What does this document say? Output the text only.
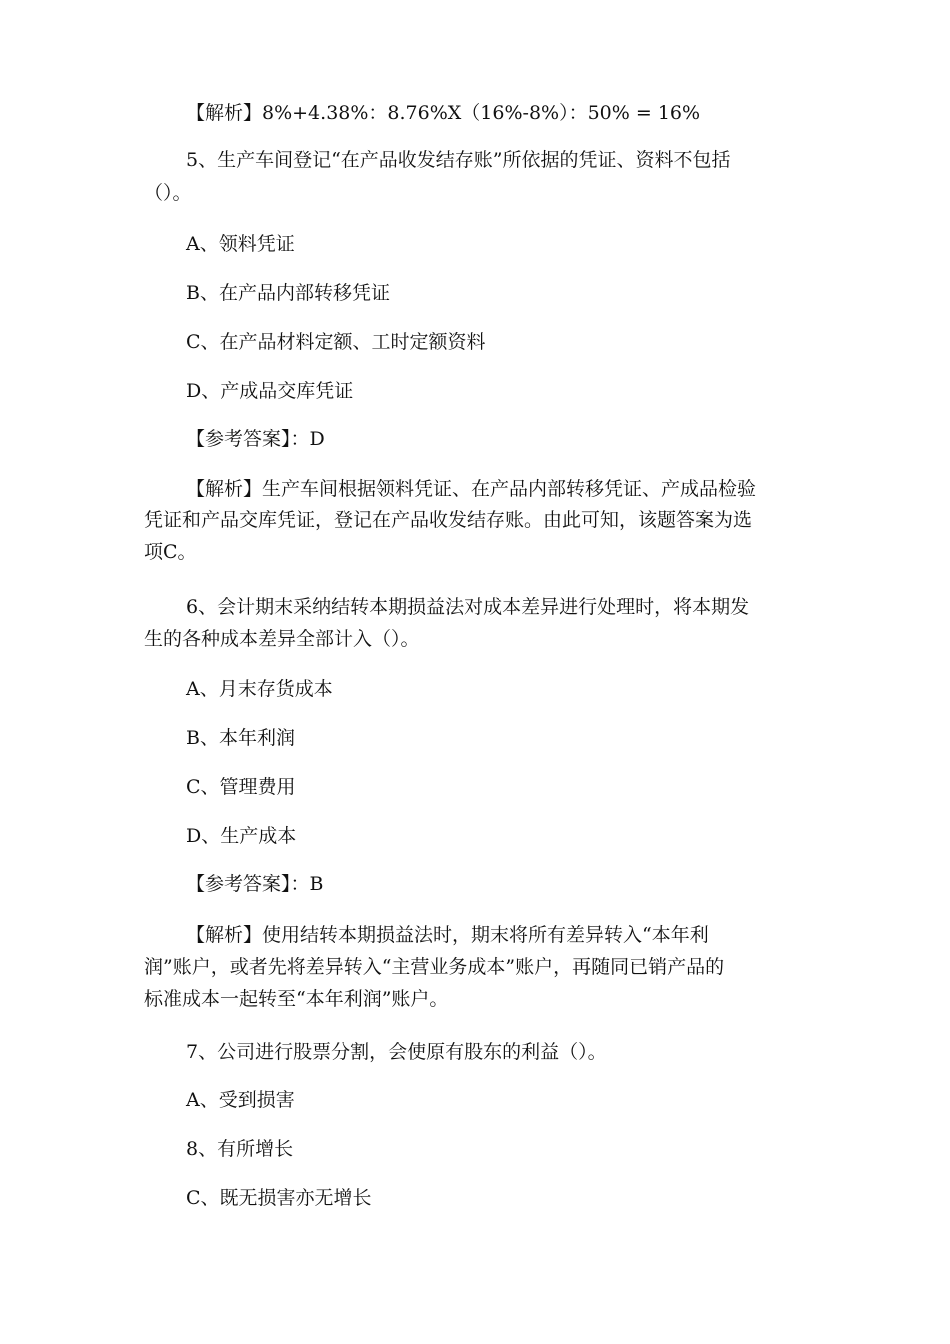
【解析】8%+4.38%：8.76%X（16%-8%）：50% = 16%
5、生产车间登记“在产品收发结存账”所依据的凭证、资料不包括
（）。
A、领料凭证
B、在产品内部转移凭证
C、在产品材料定额、工时定额资料
D、产成品交库凭证
【参考答案】：D
【解析】生产车间根据领料凭证、在产品内部转移凭证、产成品检验
凭证和产品交库凭证，登记在产品收发结存账。由此可知，该题答案为选
项C。
6、会计期末采纳结转本期损益法对成本差异进行处理时，将本期发
生的各种成本差异全部计入（）。
A、月末存货成本
B、本年利润
C、管理费用
D、生产成本
【参考答案】：B
【解析】使用结转本期损益法时，期末将所有差异转入“本年利
润”账户，或者先将差异转入“主营业务成本”账户，再随同已销产品的
标准成本一起转至“本年利润”账户。
7、公司进行股票分割，会使原有股东的利益（）。
A、受到损害
8、有所增长
C、既无损害亦无增长
